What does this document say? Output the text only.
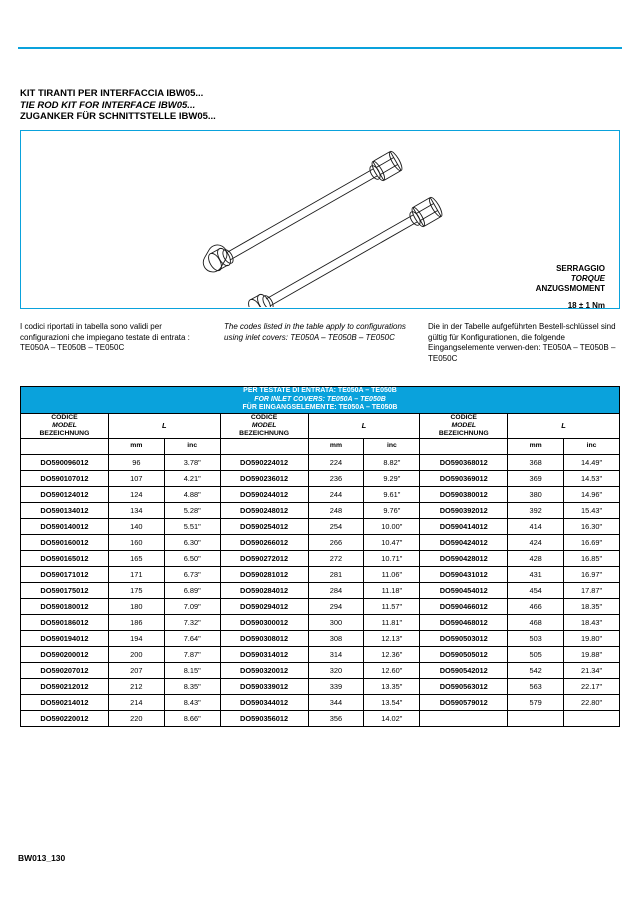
KIT TIRANTI PER INTERFACCIA IBW05...
TIE ROD KIT FOR INTERFACE IBW05...
ZUGANKER FÜR SCHNITTSTELLE IBW05...
SERRAGGIO
TORQUE
ANZUGSMOMENT
18 ± 1 Nm
I codici riportati in tabella sono validi per configurazioni che impiegano testate di entrata : TE050A – TE050B – TE050C
The codes listed in the table apply to configurations using inlet covers: TE050A – TE050B – TE050C
Die in der Tabelle aufgeführten Bestell-schlüssel sind gültig für Konfigurationen, die folgende Eingangselemente verwen-den: TE050A – TE050B – TE050C
PER TESTATE DI ENTRATA: TE050A – TE050B
FOR INLET COVERS: TE050A – TE050B
FÜR EINGANGSELEMENTE: TE050A – TE050B								

CODICE
MODEL
BEZEICHNUNG

L

CODICE
MODEL
BEZEICHNUNG

L

CODICE
MODEL
BEZEICHNUNG

L

	mm	inc		mm	inc		mm	inc
DO590096012	96	3.78"	DO590224012	224	8.82"	DO590368012	368	14.49"
DO590107012	107	4.21"	DO590236012	236	9.29"	DO590369012	369	14.53"
DO590124012	124	4.88"	DO590244012	244	9.61"	DO590380012	380	14.96"
DO590134012	134	5.28"	DO590248012	248	9.76"	DO590392012	392	15.43"
DO590140012	140	5.51"	DO590254012	254	10.00"	DO590414012	414	16.30"
DO590160012	160	6.30"	DO590266012	266	10.47"	DO590424012	424	16.69"
DO590165012	165	6.50"	DO590272012	272	10.71"	DO590428012	428	16.85"
DO590171012	171	6.73"	DO590281012	281	11.06"	DO590431012	431	16.97"
DO590175012	175	6.89"	DO590284012	284	11.18"	DO590454012	454	17.87"
DO590180012	180	7.09"	DO590294012	294	11.57"	DO590466012	466	18.35"
DO590186012	186	7.32"	DO590300012	300	11.81"	DO590468012	468	18.43"
DO590194012	194	7.64"	DO590308012	308	12.13"	DO590503012	503	19.80"
DO590200012	200	7.87"	DO590314012	314	12.36"	DO590505012	505	19.88"
DO590207012	207	8.15"	DO590320012	320	12.60"	DO590542012	542	21.34"
DO590212012	212	8.35"	DO590339012	339	13.35"	DO590563012	563	22.17"
DO590214012	214	8.43"	DO590344012	344	13.54"	DO590579012	579	22.80"
DO590220012	220	8.66"	DO590356012	356	14.02"			
BW013_130
